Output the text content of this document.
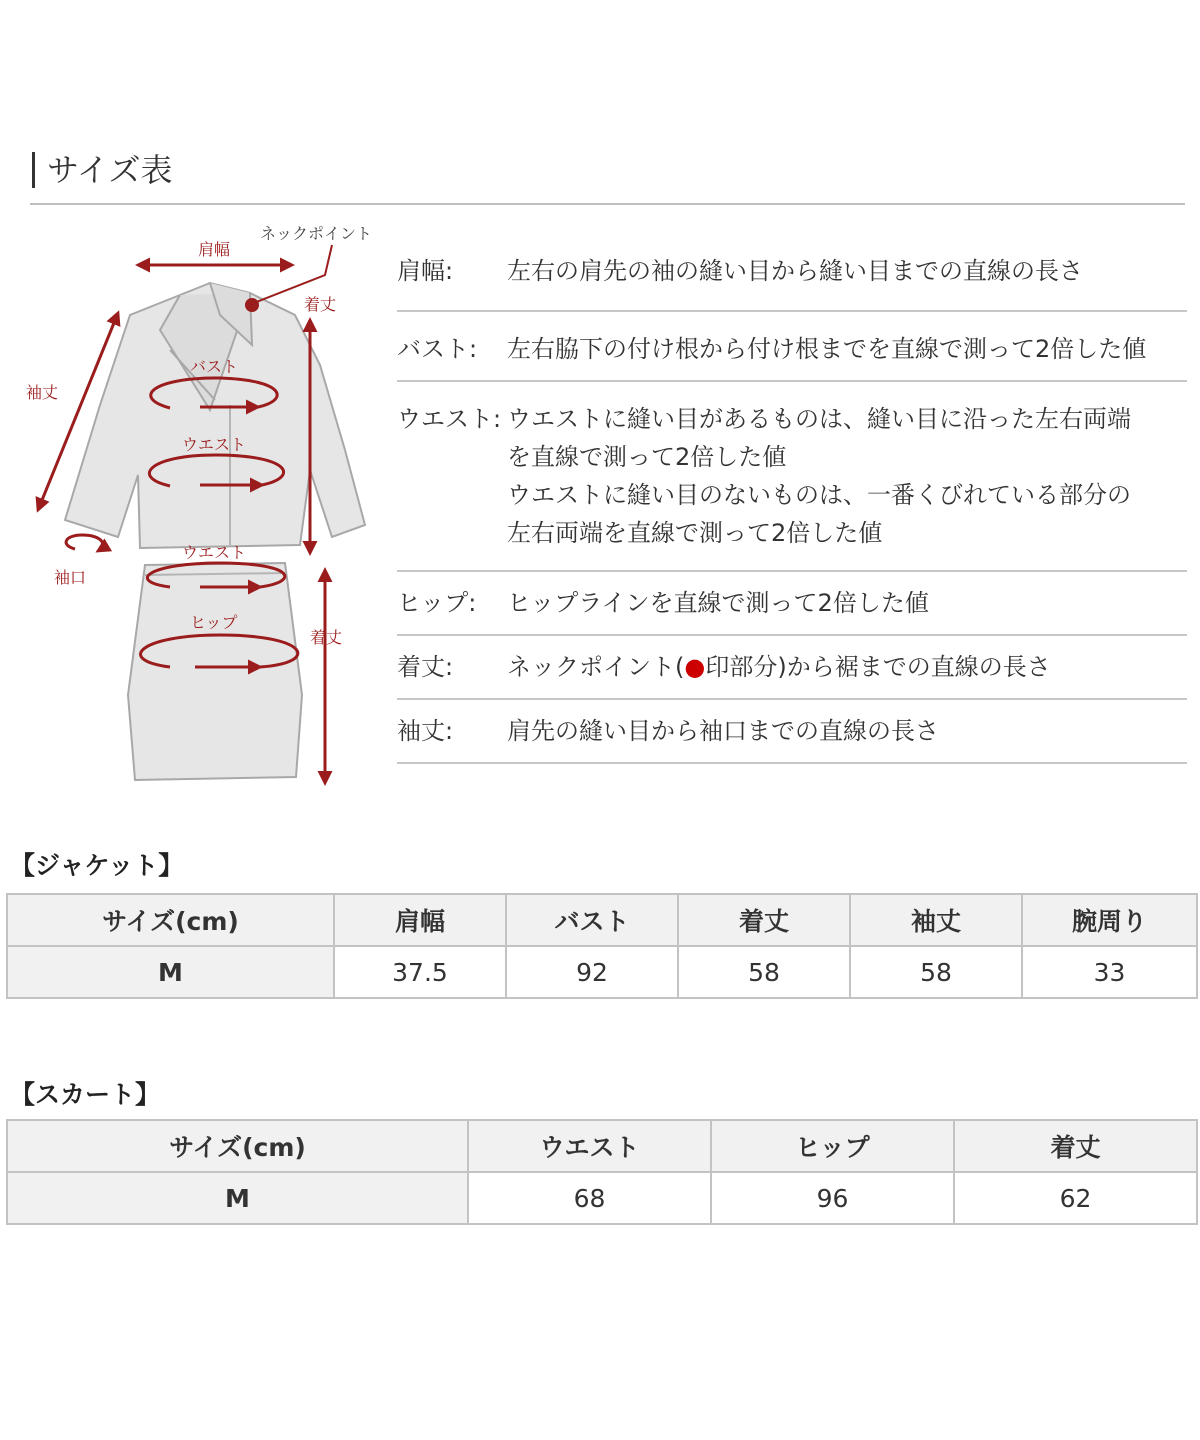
サイズ表
肩幅
ネックポイント
着丈
袖丈
バスト
ウエスト
袖口
ウエスト
ヒップ
着丈
肩幅:	左右の肩先の袖の縫い目から縫い目までの直線の長さ
バスト:	左右脇下の付け根から付け根までを直線で測って2倍した値
ウエスト: ウエストに縫い目があるものは、縫い目に沿った左右両端
を直線で測って2倍した値
ウエストに縫い目のないものは、一番くびれている部分の
左右両端を直線で測って2倍した値
ヒップ:	ヒップラインを直線で測って2倍した値
着丈:	ネックポイント(●印部分)から裾までの直線の長さ
袖丈:	肩先の縫い目から袖口までの直線の長さ
【ジャケット】
サイズ(cm)	肩幅	バスト	着丈	袖丈	腕周り
M	37.5	92	58	58	33
【スカート】
サイズ(cm)	ウエスト	ヒップ	着丈
M	68	96	62
